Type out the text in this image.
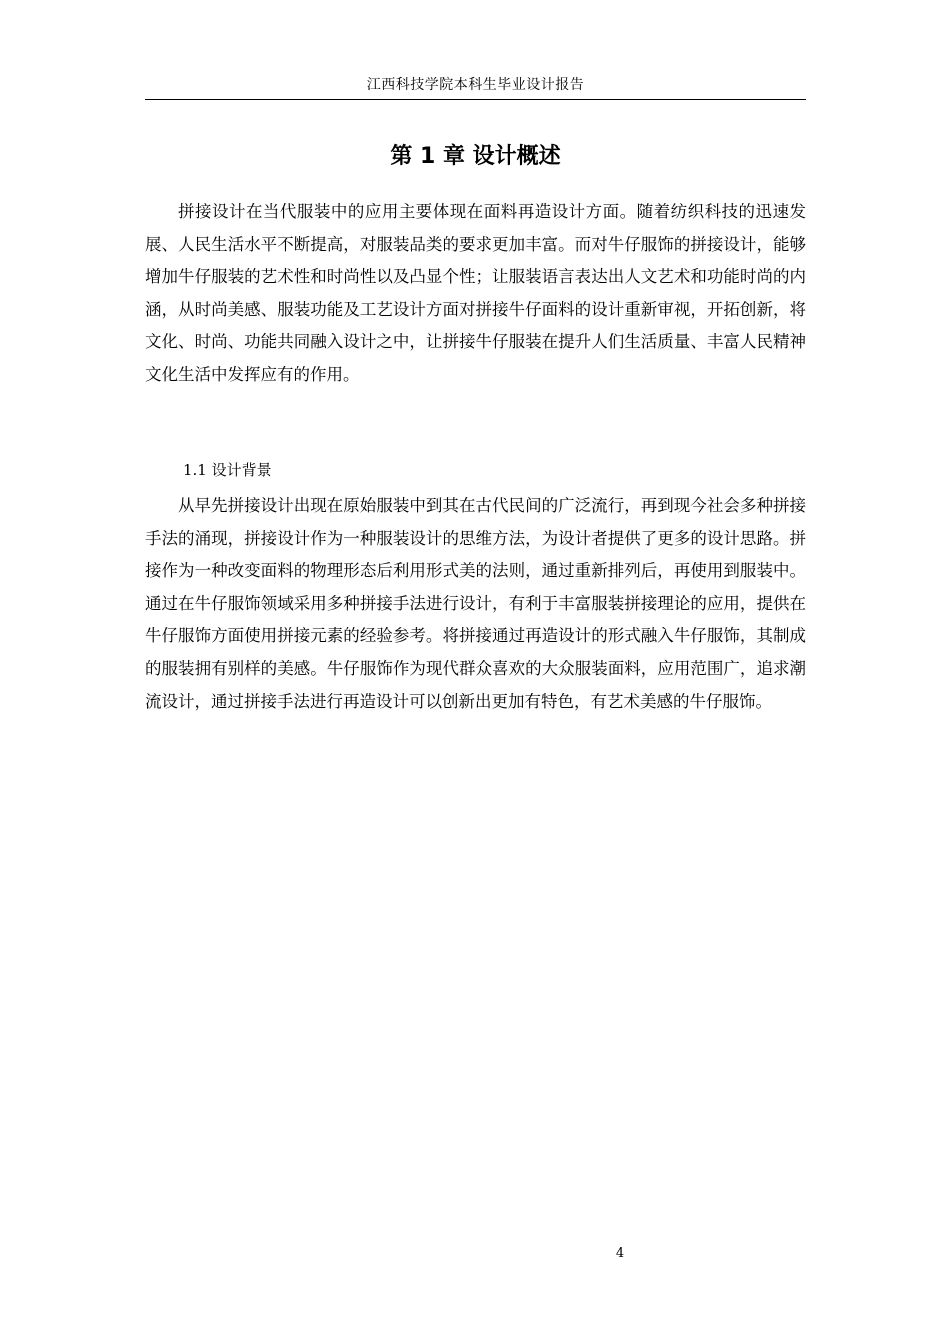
江西科技学院本科生毕业设计报告
第 1 章 设计概述
拼接设计在当代服装中的应用主要体现在面料再造设计方面。随着纺织科技的迅速发展、人民生活水平不断提高，对服装品类的要求更加丰富。而对牛仔服饰的拼接设计，能够增加牛仔服装的艺术性和时尚性以及凸显个性；让服装语言表达出人文艺术和功能时尚的内涵，从时尚美感、服装功能及工艺设计方面对拼接牛仔面料的设计重新审视，开拓创新，将文化、时尚、功能共同融入设计之中，让拼接牛仔服装在提升人们生活质量、丰富人民精神文化生活中发挥应有的作用。
1.1 设计背景
从早先拼接设计出现在原始服装中到其在古代民间的广泛流行，再到现今社会多种拼接手法的涌现，拼接设计作为一种服装设计的思维方法，为设计者提供了更多的设计思路。拼接作为一种改变面料的物理形态后利用形式美的法则，通过重新排列后，再使用到服装中。通过在牛仔服饰领域采用多种拼接手法进行设计，有利于丰富服装拼接理论的应用，提供在牛仔服饰方面使用拼接元素的经验参考。将拼接通过再造设计的形式融入牛仔服饰，其制成的服装拥有别样的美感。牛仔服饰作为现代群众喜欢的大众服装面料，应用范围广，追求潮流设计，通过拼接手法进行再造设计可以创新出更加有特色，有艺术美感的牛仔服饰。
4
